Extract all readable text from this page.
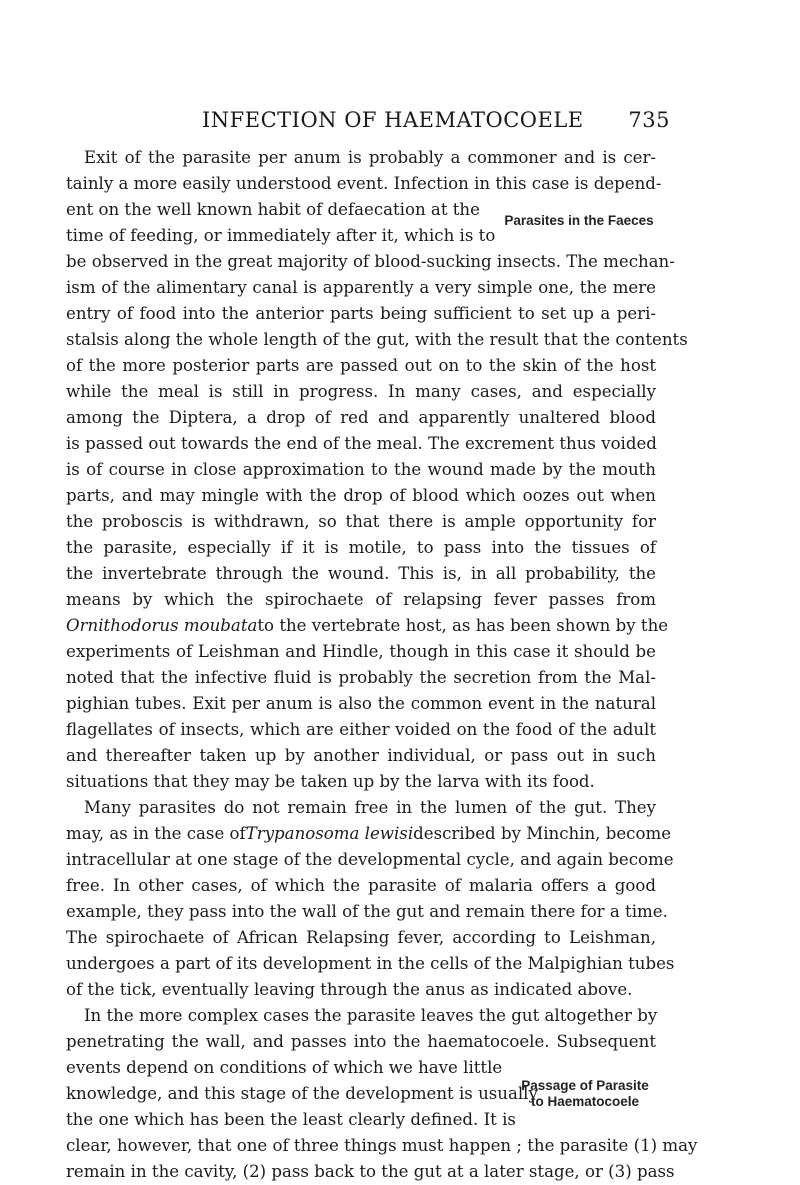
INFECTION OF HAEMATOCOELE 735
Exit of the parasite per anum is probably a commoner and is cer-
tainly a more easily understood event. Infection in this case is depend-
ent on the well known habit of defaecation at the
time of feeding, or immediately after it, which is to
be observed in the great majority of blood-sucking insects. The mechan-
ism of the alimentary canal is apparently a very simple one, the mere
entry of food into the anterior parts being sufficient to set up a peri-
stalsis along the whole length of the gut, with the result that the contents
of the more posterior parts are passed out on to the skin of the host
while the meal is still in progress. In many cases, and especially
among the Diptera, a drop of red and apparently unaltered blood
is passed out towards the end of the meal. The excrement thus voided
is of course in close approximation to the wound made by the mouth
parts, and may mingle with the drop of blood which oozes out when
the proboscis is withdrawn, so that there is ample opportunity for
the parasite, especially if it is motile, to pass into the tissues of
the invertebrate through the wound. This is, in all probability, the
means by which the spirochaete of relapsing fever passes from
Ornithodorus moubata to the vertebrate host, as has been shown by the
experiments of Leishman and Hindle, though in this case it should be
noted that the infective fluid is probably the secretion from the Mal-
pighian tubes. Exit per anum is also the common event in the natural
flagellates of insects, which are either voided on the food of the adult
and thereafter taken up by another individual, or pass out in such
situations that they may be taken up by the larva with its food.
Many parasites do not remain free in the lumen of the gut. They
may, as in the case of Trypanosoma lewisi described by Minchin, become
intracellular at one stage of the developmental cycle, and again become
free. In other cases, of which the parasite of malaria offers a good
example, they pass into the wall of the gut and remain there for a time.
The spirochaete of African Relapsing fever, according to Leishman,
undergoes a part of its development in the cells of the Malpighian tubes
of the tick, eventually leaving through the anus as indicated above.
In the more complex cases the parasite leaves the gut altogether by
penetrating the wall, and passes into the haematocoele. Subsequent
events depend on conditions of which we have little
knowledge, and this stage of the development is usually
the one which has been the least clearly defined. It is
clear, however, that one of three things must happen ; the parasite (1) may
remain in the cavity, (2) pass back to the gut at a later stage, or (3) pass
Parasites in the Faeces
Passage of Parasite
to Haematocoele
